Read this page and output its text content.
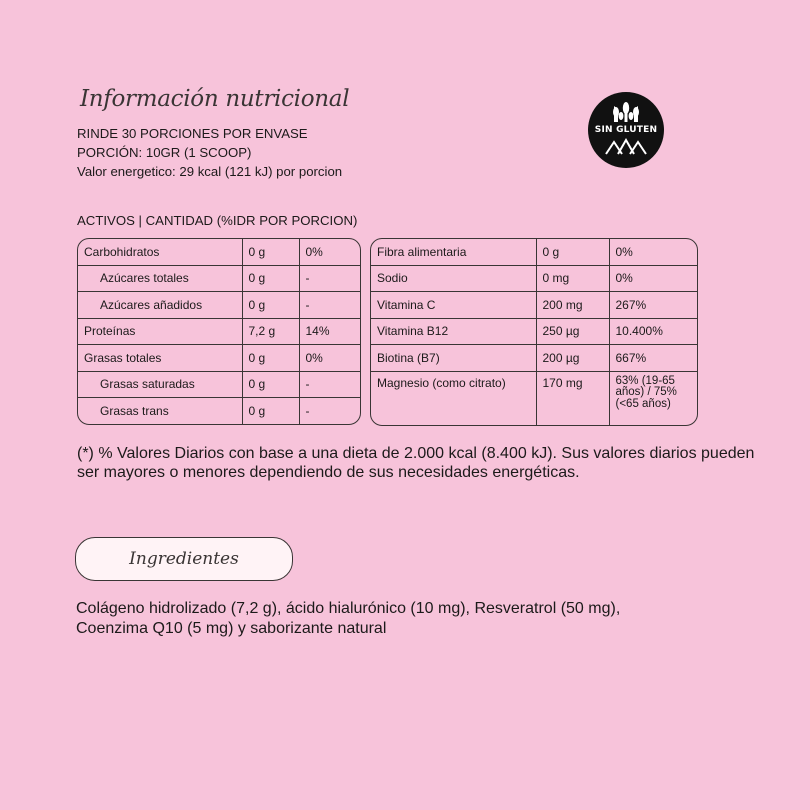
Información nutricional
RINDE 30 PORCIONES POR ENVASE
PORCIÓN: 10GR (1 SCOOP)
Valor energetico: 29 kcal (121 kJ) por porcion
SIN GLUTEN
ACTIVOS | CANTIDAD (%IDR POR PORCION)
Carbohidratos	0 g	0%
Azúcares totales	0 g	-
Azúcares añadidos	0 g	-
Proteínas	7,2 g	14%
Grasas totales	0 g	0%
Grasas saturadas	0 g	-
Grasas trans	0 g	-
Fibra alimentaria	0 g	0%
Sodio	0 mg	0%
Vitamina C	200 mg	267%
Vitamina B12	250 µg	10.400%
Biotina (B7)	200 µg	667%
Magnesio (como citrato)	170 mg	63% (19-65 años) / 75% (<65 años)
(*) % Valores Diarios con base a una dieta de 2.000 kcal (8.400 kJ). Sus valores diarios pueden ser mayores o menores dependiendo de sus necesidades energéticas.
Ingredientes
Colágeno hidrolizado (7,2 g), ácido hialurónico (10 mg), Resveratrol (50 mg), Coenzima Q10 (5 mg) y saborizante natural
